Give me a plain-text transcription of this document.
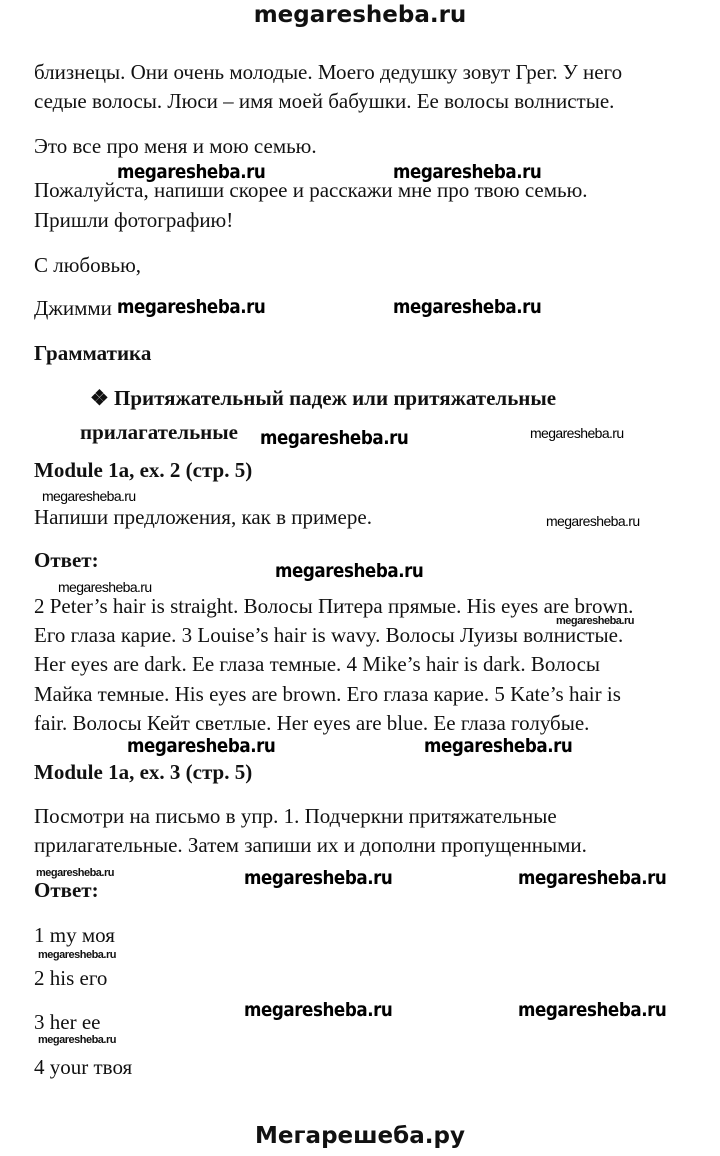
megaresheba.ru
близнецы. Они очень молодые. Моего дедушку зовут Грег. У него
седые волосы. Люси – имя моей бабушки. Ее волосы волнистые.
Это все про меня и мою семью.
Пожалуйста, напиши скорее и расскажи мне про твою семью.
Пришли фотографию!
С любовью,
Джимми
megaresheba.ru	megaresheba.ru
megaresheba.ru	megaresheba.ru
Грамматика
❖ Притяжательный падеж или притяжательные
прилагательные megaresheba.ru	megaresheba.ru
Module 1a, ex. 2 (стр. 5)
megaresheba.ru
Напиши предложения, как в примере.	megaresheba.ru
Ответ:	megaresheba.ru
megaresheba.ru
2 Peter’s hair is straight. Волосы Питера прямые. His eyes are brown.
megaresheba.ru
Его глаза карие. 3 Louise’s hair is wavy. Волосы Луизы волнистые.
Her eyes are dark. Ее глаза темные. 4 Mike’s hair is dark. Волосы
Майка темные. His eyes are brown. Его глаза карие. 5 Kate’s hair is
fair. Волосы Кейт светлые. Her eyes are blue. Ее глаза голубые.
megaresheba.ru	megaresheba.ru
Module 1a, ex. 3 (стр. 5)
Посмотри на письмо в упр. 1. Подчеркни притяжательные
прилагательные. Затем запиши их и дополни пропущенными.
megaresheba.ru
Ответ:	megaresheba.ru	megaresheba.ru
1 my моя
megaresheba.ru
2 his его
3 her ее	megaresheba.ru	megaresheba.ru
megaresheba.ru
4 your твоя
Мегарешеба.ру
